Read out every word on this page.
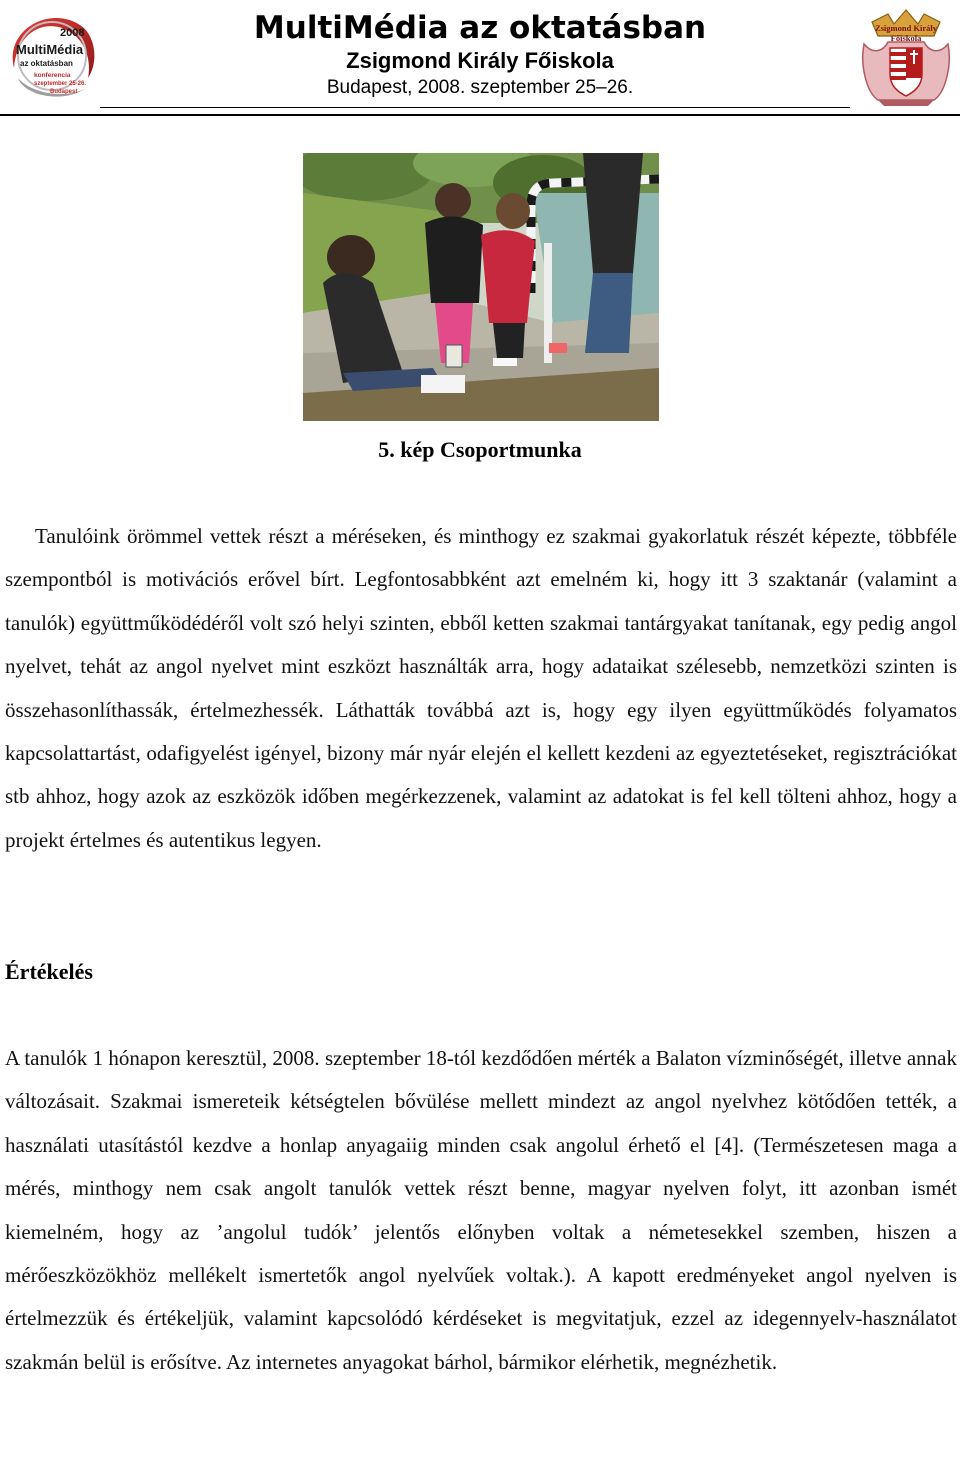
2008
MultiMédia
az oktatásban
konferencia
szeptember 25-26.
Budapest
MultiMédia az oktatásban
Zsigmond Király Főiskola
Budapest, 2008. szeptember 25–26.
Zsigmond Király
Főiskola
5. kép Csoportmunka

Tanulóink örömmel vettek részt a méréseken, és minthogy ez szakmai gyakorlatuk részét képezte, többféle szempontból is motivációs erővel bírt. Legfontosabbként azt emelném ki, hogy itt 3 szaktanár (valamint a tanulók) együttműködédéről volt szó helyi szinten, ebből ketten szakmai tantárgyakat tanítanak, egy pedig angol nyelvet, tehát az angol nyelvet mint eszközt használták arra, hogy adataikat szélesebb, nemzetközi szinten is összehasonlíthassák, értelmezhessék. Láthatták továbbá azt is, hogy egy ilyen együttműködés folyamatos kapcsolattartást, odafigyelést igényel, bizony már nyár elején el kellett kezdeni az egyeztetéseket, regisztrációkat stb ahhoz, hogy azok az eszközök időben megérkezzenek, valamint az adatokat is fel kell tölteni ahhoz, hogy a projekt értelmes és autentikus legyen.

Értékelés

A tanulók 1 hónapon keresztül, 2008. szeptember 18-tól kezdődően mérték a Balaton vízminőségét, illetve annak változásait. Szakmai ismereteik kétségtelen bővülése mellett mindezt az angol nyelvhez kötődően tették, a használati utasítástól kezdve a honlap anyagaiig minden csak angolul érhető el [4]. (Természetesen maga a mérés, minthogy nem csak angolt tanulók vettek részt benne, magyar nyelven folyt, itt azonban ismét kiemelném, hogy az ’angolul tudók’ jelentős előnyben voltak a németesekkel szemben, hiszen a mérőeszközökhöz mellékelt ismertetők angol nyelvűek voltak.). A kapott eredményeket angol nyelven is értelmezzük és értékeljük, valamint kapcsolódó kérdéseket is megvitatjuk, ezzel az idegennyelv-használatot szakmán belül is erősítve. Az internetes anyagokat bárhol, bármikor elérhetik, megnézhetik.
